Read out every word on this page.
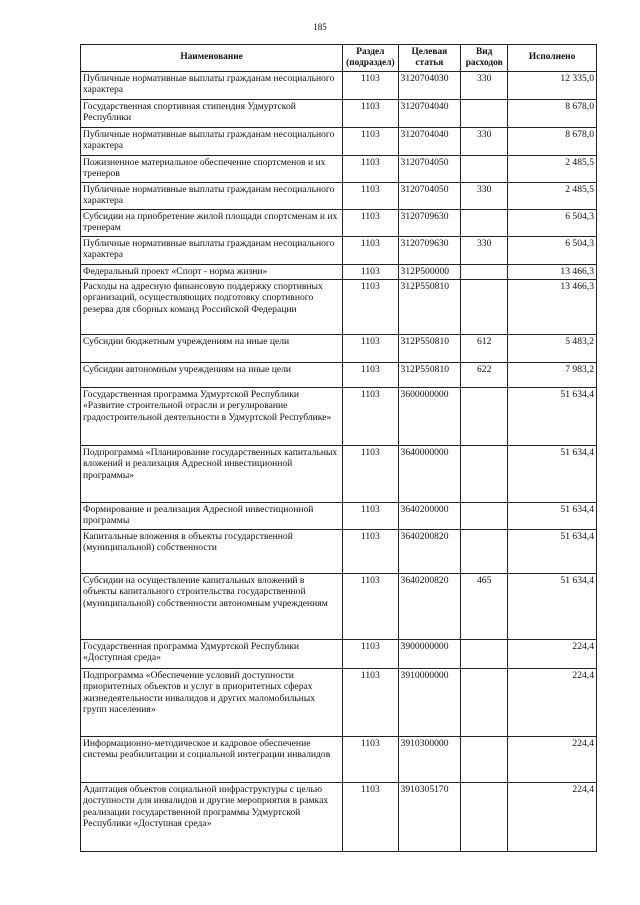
185
Наименование	Раздел (подраздел)	Целевая статья	Вид расходов	Исполнено
Публичные нормативные выплаты гражданам несоциального характера	1103	3120704030	330	12 335,0
Государственная спортивная стипендия Удмуртской Республики	1103	3120704040		8 678,0
Публичные нормативные выплаты гражданам несоциального характера	1103	3120704040	330	8 678,0
Пожизненное материальное обеспечение спортсменов и их тренеров	1103	3120704050		2 485,5
Публичные нормативные выплаты гражданам несоциального характера	1103	3120704050	330	2 485,5
Субсидии на приобретение жилой площади спортсменам и их тренерам	1103	3120709630		6 504,3
Публичные нормативные выплаты гражданам несоциального характера	1103	3120709630	330	6 504,3
Федеральный проект «Спорт - норма жизни»	1103	312P500000		13 466,3
Расходы на адресную финансовую поддержку спортивных организаций, осуществляющих подготовку спортивного резерва для сборных команд Российской Федерации	1103	312P550810		13 466,3
Субсидии бюджетным учреждениям на иные цели	1103	312P550810	612	5 483,2
Субсидии автономным учреждениям на иные цели	1103	312P550810	622	7 983,2
Государственная программа Удмуртской Республики «Развитие строительной отрасли и регулирование градостроительной деятельности в Удмуртской Республике»	1103	3600000000		51 634,4
Подпрограмма «Планирование государственных капитальных вложений и реализация Адресной инвестиционной программы»	1103	3640000000		51 634,4
Формирование и реализация Адресной инвестиционной программы	1103	3640200000		51 634,4
Капитальные вложения в объекты государственной (муниципальной) собственности	1103	3640200820		51 634,4
Субсидии на осуществление капитальных вложений в объекты капитального строительства государственной (муниципальной) собственности автономным учреждениям	1103	3640200820	465	51 634,4
Государственная программа Удмуртской Республики «Доступная среда»	1103	3900000000		224,4
Подпрограмма «Обеспечение условий доступности приоритетных объектов и услуг в приоритетных сферах жизнедеятельности инвалидов и других маломобильных групп населения»	1103	3910000000		224,4
Информационно-методическое и кадровое обеспечение системы реабилитации и социальной интеграции инвалидов	1103	3910300000		224,4
Адаптация объектов социальной инфраструктуры с целью доступности для инвалидов и другие мероприятия в рамках реализации государственной программы Удмуртской Республики «Доступная среда»	1103	3910305170		224,4
